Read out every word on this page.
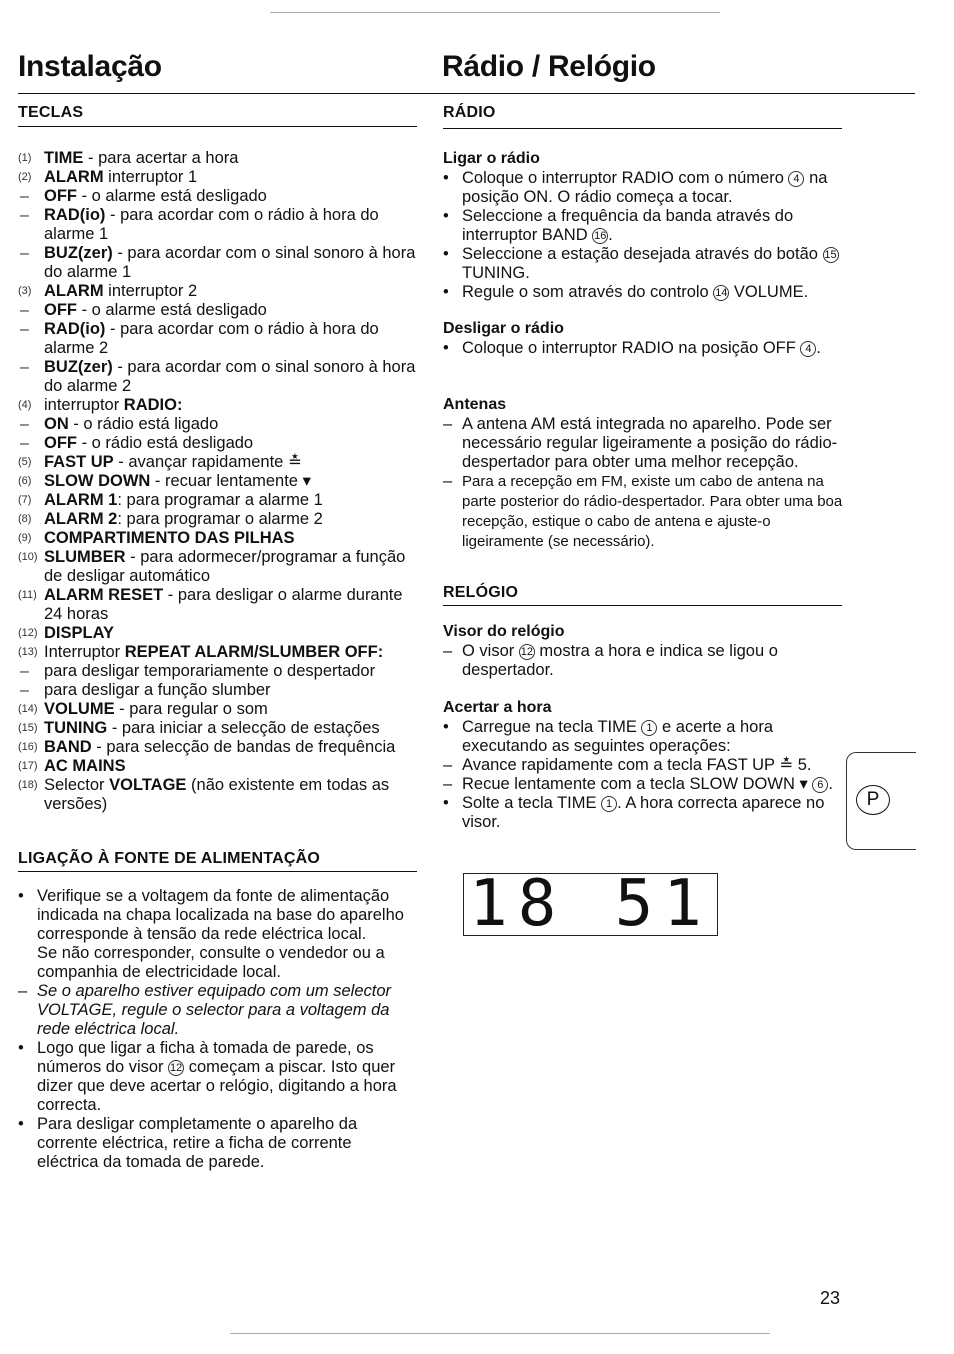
Instalação	Rádio / Relógio
TECLAS
(1) TIME - para acertar a hora
(2) ALARM interruptor 1
– OFF - o alarme está desligado
– RAD(io) - para acordar com o rádio à hora do alarme 1
– BUZ(zer) - para acordar com o sinal sonoro à hora do alarme 1
(3) ALARM interruptor 2
– OFF - o alarme está desligado
– RAD(io) - para acordar com o rádio à hora do alarme 2
– BUZ(zer) - para acordar com o sinal sonoro à hora do alarme 2
(4) interruptor RADIO:
– ON - o rádio está ligado
– OFF - o rádio está desligado
(5) FAST UP - avançar rapidamente ≛
(6) SLOW DOWN - recuar lentamente ▾
(7) ALARM 1: para programar a alarme 1
(8) ALARM 2: para programar o alarme 2
(9) COMPARTIMENTO DAS PILHAS
(10) SLUMBER - para adormecer/programar a função de desligar automático
(11) ALARM RESET - para desligar o alarme durante 24 horas
(12) DISPLAY
(13) Interruptor REPEAT ALARM/SLUMBER OFF:
– para desligar temporariamente o despertador
– para desligar a função slumber
(14) VOLUME - para regular o som
(15) TUNING - para iniciar a selecção de estações
(16) BAND - para selecção de bandas de frequência
(17) AC MAINS
(18) Selector VOLTAGE (não existente em todas as versões)
LIGAÇÃO À FONTE DE ALIMENTAÇÃO
• Verifique se a voltagem da fonte de alimentação indicada na chapa localizada na base do aparelho corresponde à tensão da rede eléctrica local.
Se não corresponder, consulte o vendedor ou a companhia de electricidade local.
– Se o aparelho estiver equipado com um selector VOLTAGE, regule o selector para a voltagem da rede eléctrica local.
• Logo que ligar a ficha à tomada de parede, os números do visor 12 começam a piscar. Isto quer dizer que deve acertar o relógio, digitando a hora correcta.
• Para desligar completamente o aparelho da corrente eléctrica, retire a ficha de corrente eléctrica da tomada de parede.
RÁDIO
Ligar o rádio
• Coloque o interruptor RADIO com o número 4 na posição ON. O rádio começa a tocar.
• Seleccione a frequência da banda através do interruptor BAND 16 .
• Seleccione a estação desejada através do botão 15 TUNING.
• Regule o som através do controlo 14 VOLUME.
Desligar o rádio
• Coloque o interruptor RADIO na posição OFF 4 .
Antenas
– A antena AM está integrada no aparelho. Pode ser necessário regular ligeiramente a posição do rádio-despertador para obter uma melhor recepção.
– Para a recepção em FM, existe um cabo de antena na parte posterior do rádio-despertador. Para obter uma boa recepção, estique o cabo de antena e ajuste-o ligeiramente (se necessário).
RELÓGIO
Visor do relógio
– O visor 12 mostra a hora e indica se ligou o despertador.
Acertar a hora
• Carregue na tecla TIME 1 e acerte a hora executando as seguintes operações:
– Avance rapidamente com a tecla FAST UP ≛ 5.
– Recue lentamente com a tecla SLOW DOWN ▾ 6 .
• Solte a tecla TIME 1 . A hora correcta aparece no visor.
18 51
P
23
